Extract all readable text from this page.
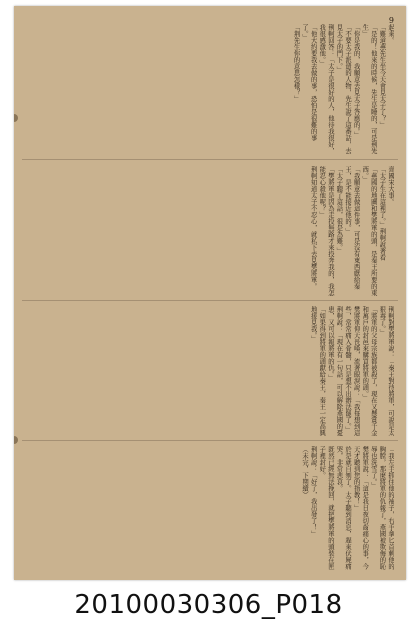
9
起來。
「難道燕先生坐今天會見太子了？」
「是的！他來的時候，先生是睡的，可是荆先生」
「你是我的，我願意去見太子答應的。」
「不要太子派遣的人物，先生說了這番話，去見太子的門下。」
荆軻回答：「太子是很好的人，他待我很好，我很感激他。」
「他大約要我去做的事，恐怕是很難的事了。」
「荆先生你的意思怎樣？」
齊國宋大事。
「太子生在這裡了。」荆軻說著看
「燕國的地圖和樊將軍的頭，是秦王所要的東西。」
「我願意去做這件事，可是沒有東西獻給秦王，是不能接近他的。」
「太子聽了這話，很是為難。」
「樊將軍是因為走投無路才來投奔我的，我怎能忍心殺他呢？」
荆軻知道太子不忍心，就私下去見樊將軍。
荆軻對樊將軍說：「秦王對待將軍，可說是太狠毒了。」
「將軍的父母宗族都被殺了，現在又懸賞千金和萬戶的封邑來購買將軍的頭。」
樊將軍仰天長嘆，流著眼淚說：「我每想到這些，常常痛入骨髓，只是想不出辦法罷了。」
荆軻說：「現在有一句話，可以解除燕國的憂患，又可以報將軍的仇。」
「如果得到將軍的頭獻給秦王，秦王一定高興地接見我。」
「我左手抓住他的袖子，右手拿匕首刺他的胸膛，那麼將軍的仇報了，燕國被欺侮的恥辱也洗雪了。」
樊將軍說：「這是我日夜切齒痛心的事，今天才聽到您的指教！」
於是就自刎了。太子聽到消息，趕來伏屍痛哭，非常悲哀。
既然已經無法挽回，就把樊將軍的頭裝在匣子裡封好。
荆軻說：「好了，我出發了！」
（未完，下期續）
20100030306_P018
